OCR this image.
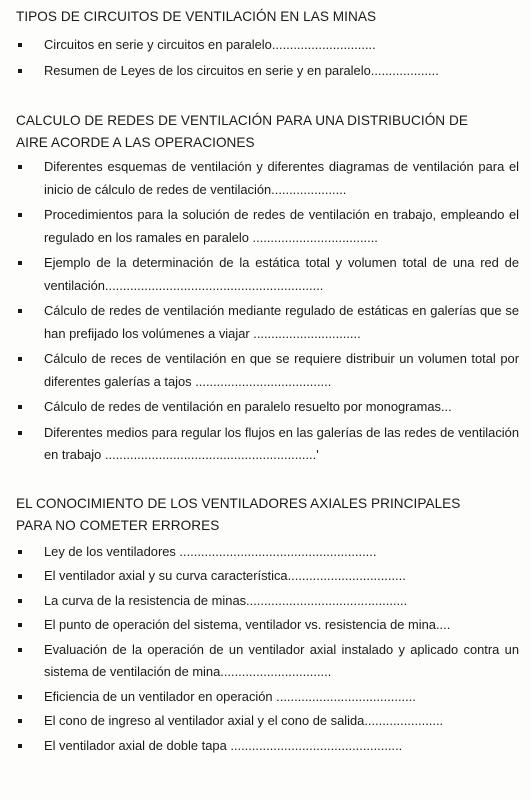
TIPOS DE CIRCUITOS DE VENTILACIÓN EN LAS MINAS
Circuitos en serie y circuitos en paralelo.............................
Resumen de Leyes de los circuitos en serie y en paralelo...................
CALCULO DE REDES DE VENTILACIÓN PARA UNA DISTRIBUCIÓN DE
AIRE ACORDE A LAS OPERACIONES
Diferentes esquemas de ventilación y diferentes diagramas de ventilación para el inicio de cálculo de redes de ventilación.....................
Procedimientos para la solución de redes de ventilación en trabajo, empleando el regulado en los ramales en paralelo ...................................
Ejemplo de la determinación de la estática total y volumen total de una red de ventilación.............................................................
Cálculo de redes de ventilación mediante regulado de estáticas en galerías que se han prefijado los volúmenes a viajar ..............................
Cálculo de reces de ventilación en que se requiere distribuir un volumen total por diferentes galerías a tajos ......................................
Cálculo de redes de ventilación en paralelo resuelto por monogramas...
Diferentes medios para regular los flujos en las galerías de las redes de ventilación en trabajo ...........................................................'
EL CONOCIMIENTO DE LOS VENTILADORES AXIALES PRINCIPALES
PARA NO COMETER ERRORES
Ley de los ventiladores .......................................................
El ventilador axial y su curva característica.................................
La curva de la resistencia de minas.............................................
El punto de operación del sistema, ventilador vs. resistencia de mina....
Evaluación de la operación de un ventilador axial instalado y aplicado contra un sistema de ventilación de mina...............................
Eficiencia de un ventilador en operación .......................................
El cono de ingreso al ventilador axial y el cono de salida......................
El ventilador axial de doble tapa ................................................
